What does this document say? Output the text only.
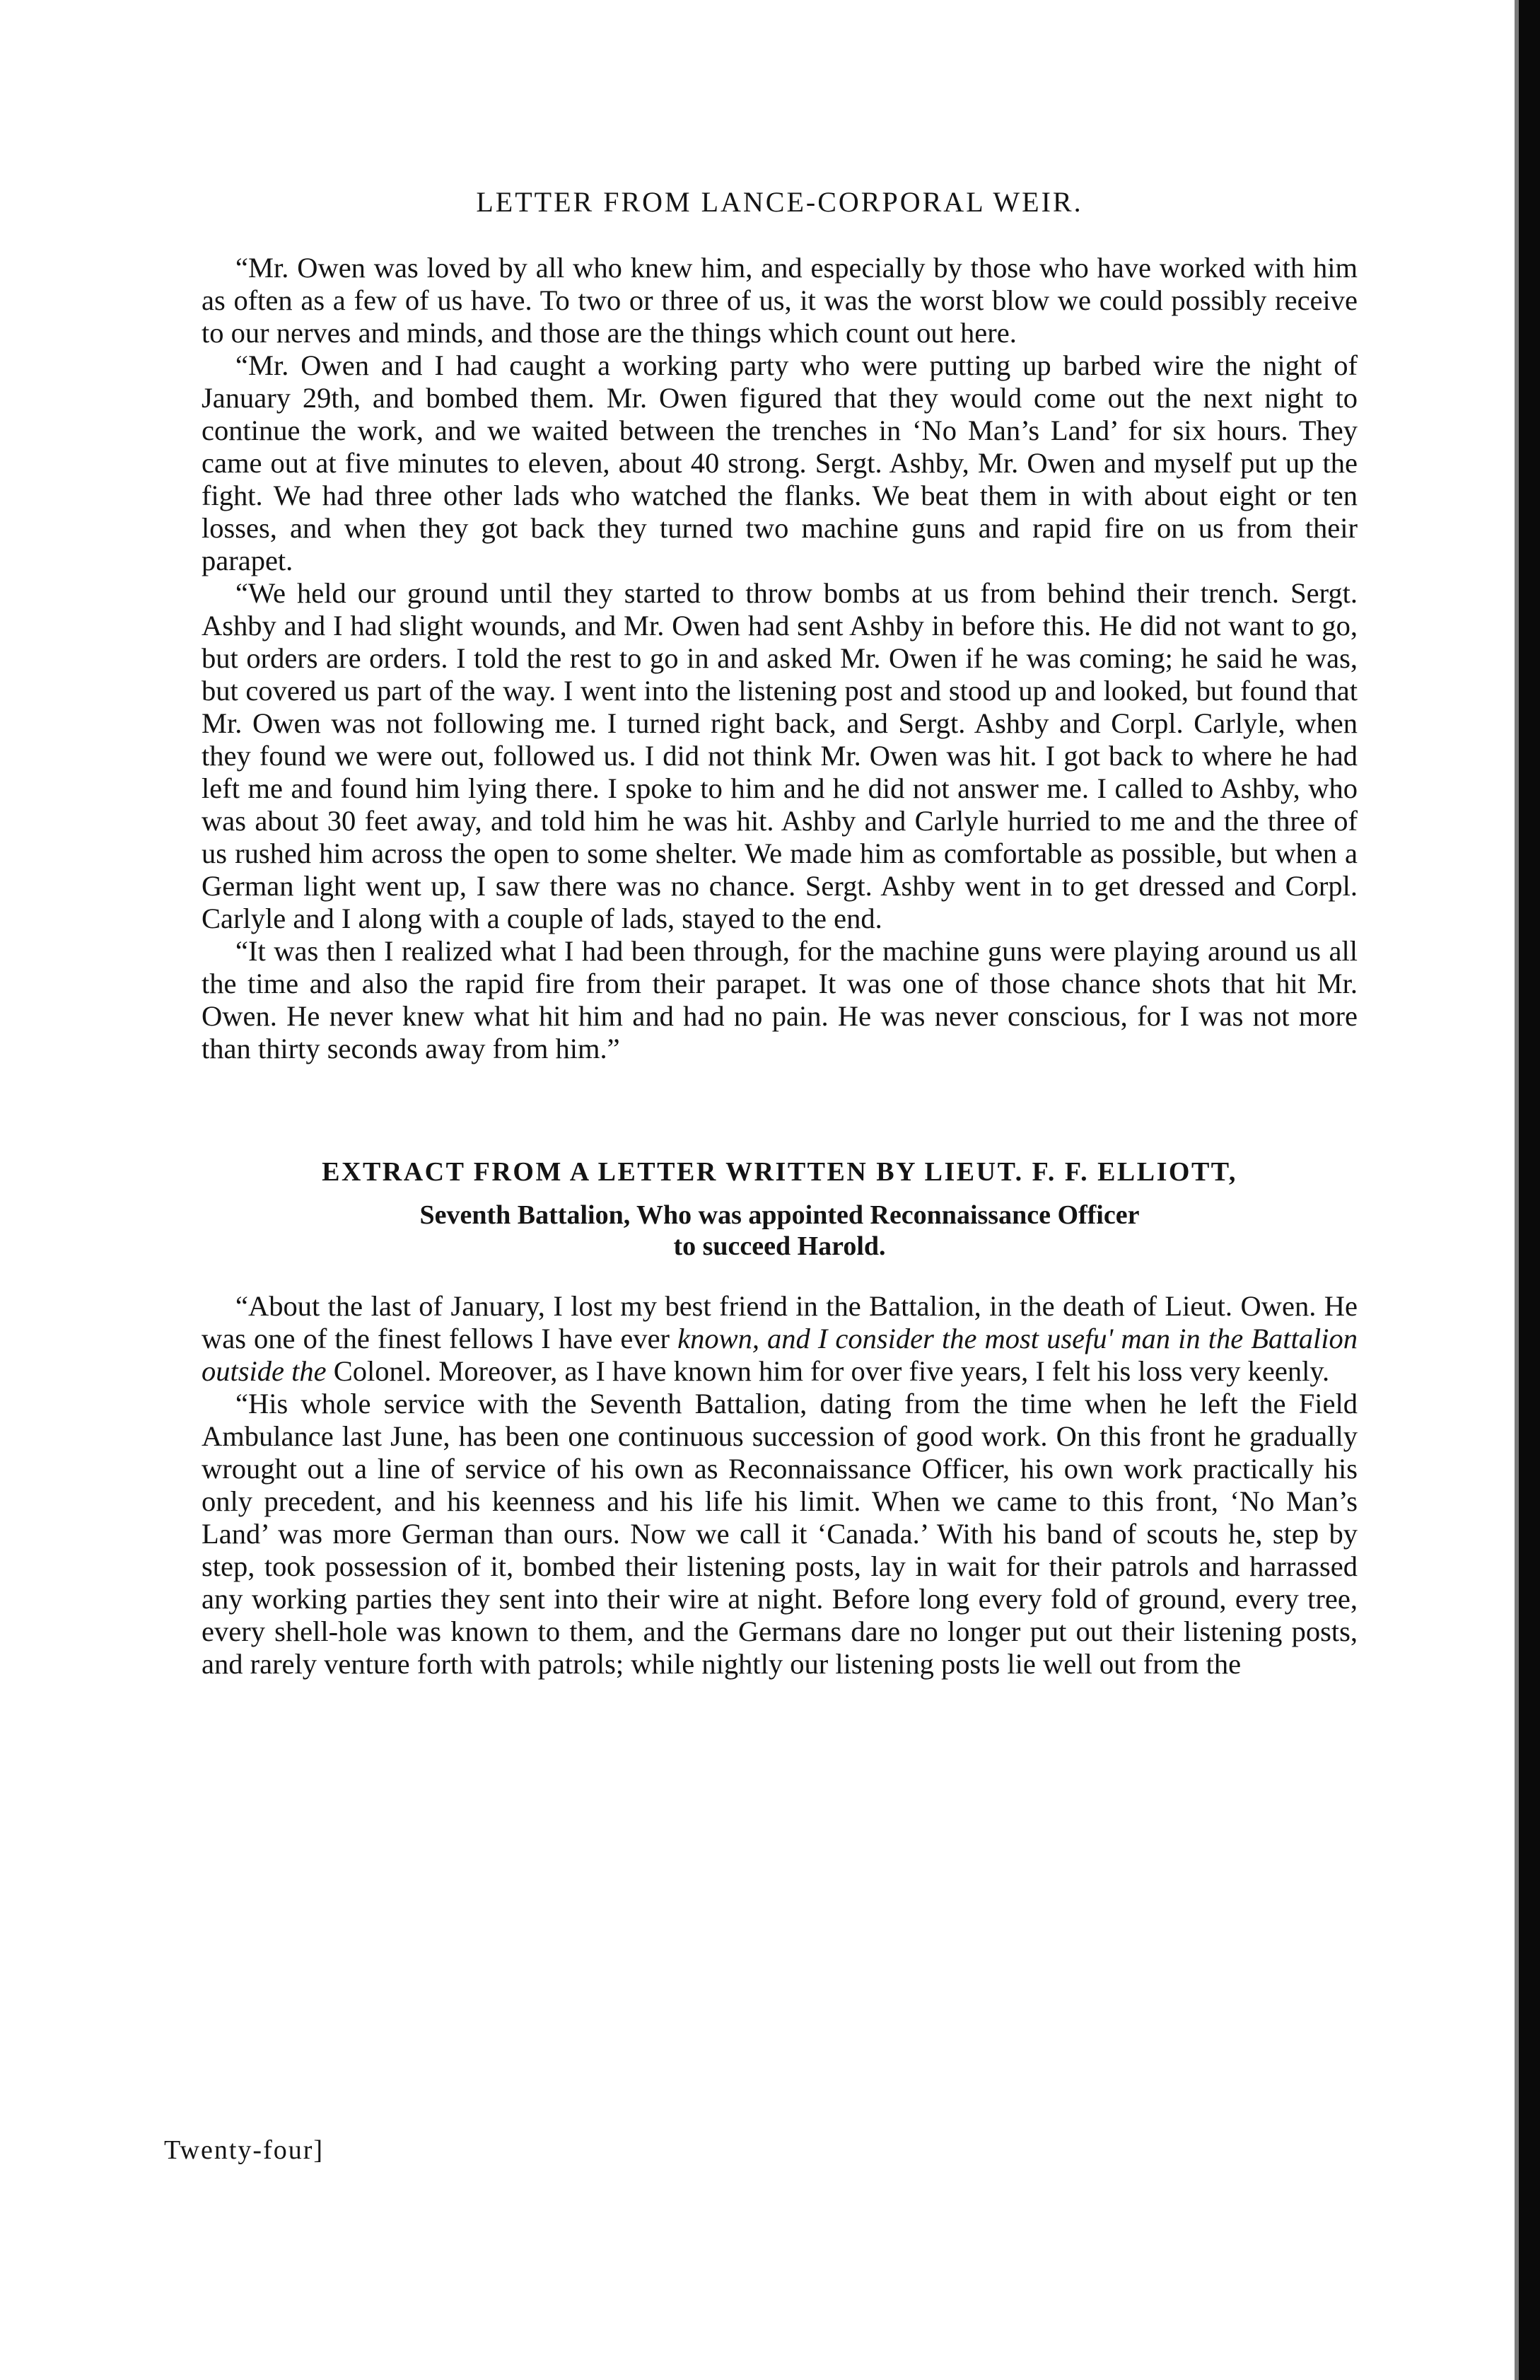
LETTER FROM LANCE-CORPORAL WEIR.

“Mr. Owen was loved by all who knew him, and especially by those who have worked with him as often as a few of us have. To two or three of us, it was the worst blow we could possibly receive to our nerves and minds, and those are the things which count out here.

“Mr. Owen and I had caught a working party who were putting up barbed wire the night of January 29th, and bombed them. Mr. Owen figured that they would come out the next night to continue the work, and we waited between the trenches in ‘No Man’s Land’ for six hours. They came out at five minutes to eleven, about 40 strong. Sergt. Ashby, Mr. Owen and myself put up the fight. We had three other lads who watched the flanks. We beat them in with about eight or ten losses, and when they got back they turned two machine guns and rapid fire on us from their parapet.

“We held our ground until they started to throw bombs at us from behind their trench. Sergt. Ashby and I had slight wounds, and Mr. Owen had sent Ashby in before this. He did not want to go, but orders are orders. I told the rest to go in and asked Mr. Owen if he was coming; he said he was, but covered us part of the way. I went into the listening post and stood up and looked, but found that Mr. Owen was not following me. I turned right back, and Sergt. Ashby and Corpl. Carlyle, when they found we were out, followed us. I did not think Mr. Owen was hit. I got back to where he had left me and found him lying there. I spoke to him and he did not answer me. I called to Ashby, who was about 30 feet away, and told him he was hit. Ashby and Carlyle hurried to me and the three of us rushed him across the open to some shelter. We made him as comfortable as possible, but when a German light went up, I saw there was no chance. Sergt. Ashby went in to get dressed and Corpl. Carlyle and I along with a couple of lads, stayed to the end.

“It was then I realized what I had been through, for the machine guns were playing around us all the time and also the rapid fire from their parapet. It was one of those chance shots that hit Mr. Owen. He never knew what hit him and had no pain. He was never conscious, for I was not more than thirty seconds away from him.”

EXTRACT FROM A LETTER WRITTEN BY LIEUT. F. F. ELLIOTT,

Seventh Battalion, Who was appointed Reconnaissance Officer
to succeed Harold.

“About the last of January, I lost my best friend in the Battalion, in the death of Lieut. Owen. He was one of the finest fellows I have ever known, and I consider the most usefu' man in the Battalion outside the Colonel. Moreover, as I have known him for over five years, I felt his loss very keenly.

“His whole service with the Seventh Battalion, dating from the time when he left the Field Ambulance last June, has been one continuous succession of good work. On this front he gradually wrought out a line of service of his own as Reconnaissance Officer, his own work practically his only precedent, and his keenness and his life his limit. When we came to this front, ‘No Man’s Land’ was more German than ours. Now we call it ‘Canada.’ With his band of scouts he, step by step, took possession of it, bombed their listening posts, lay in wait for their patrols and harrassed any working parties they sent into their wire at night. Before long every fold of ground, every tree, every shell-hole was known to them, and the Germans dare no longer put out their listening posts, and rarely venture forth with patrols; while nightly our listening posts lie well out from the

Twenty-four]
